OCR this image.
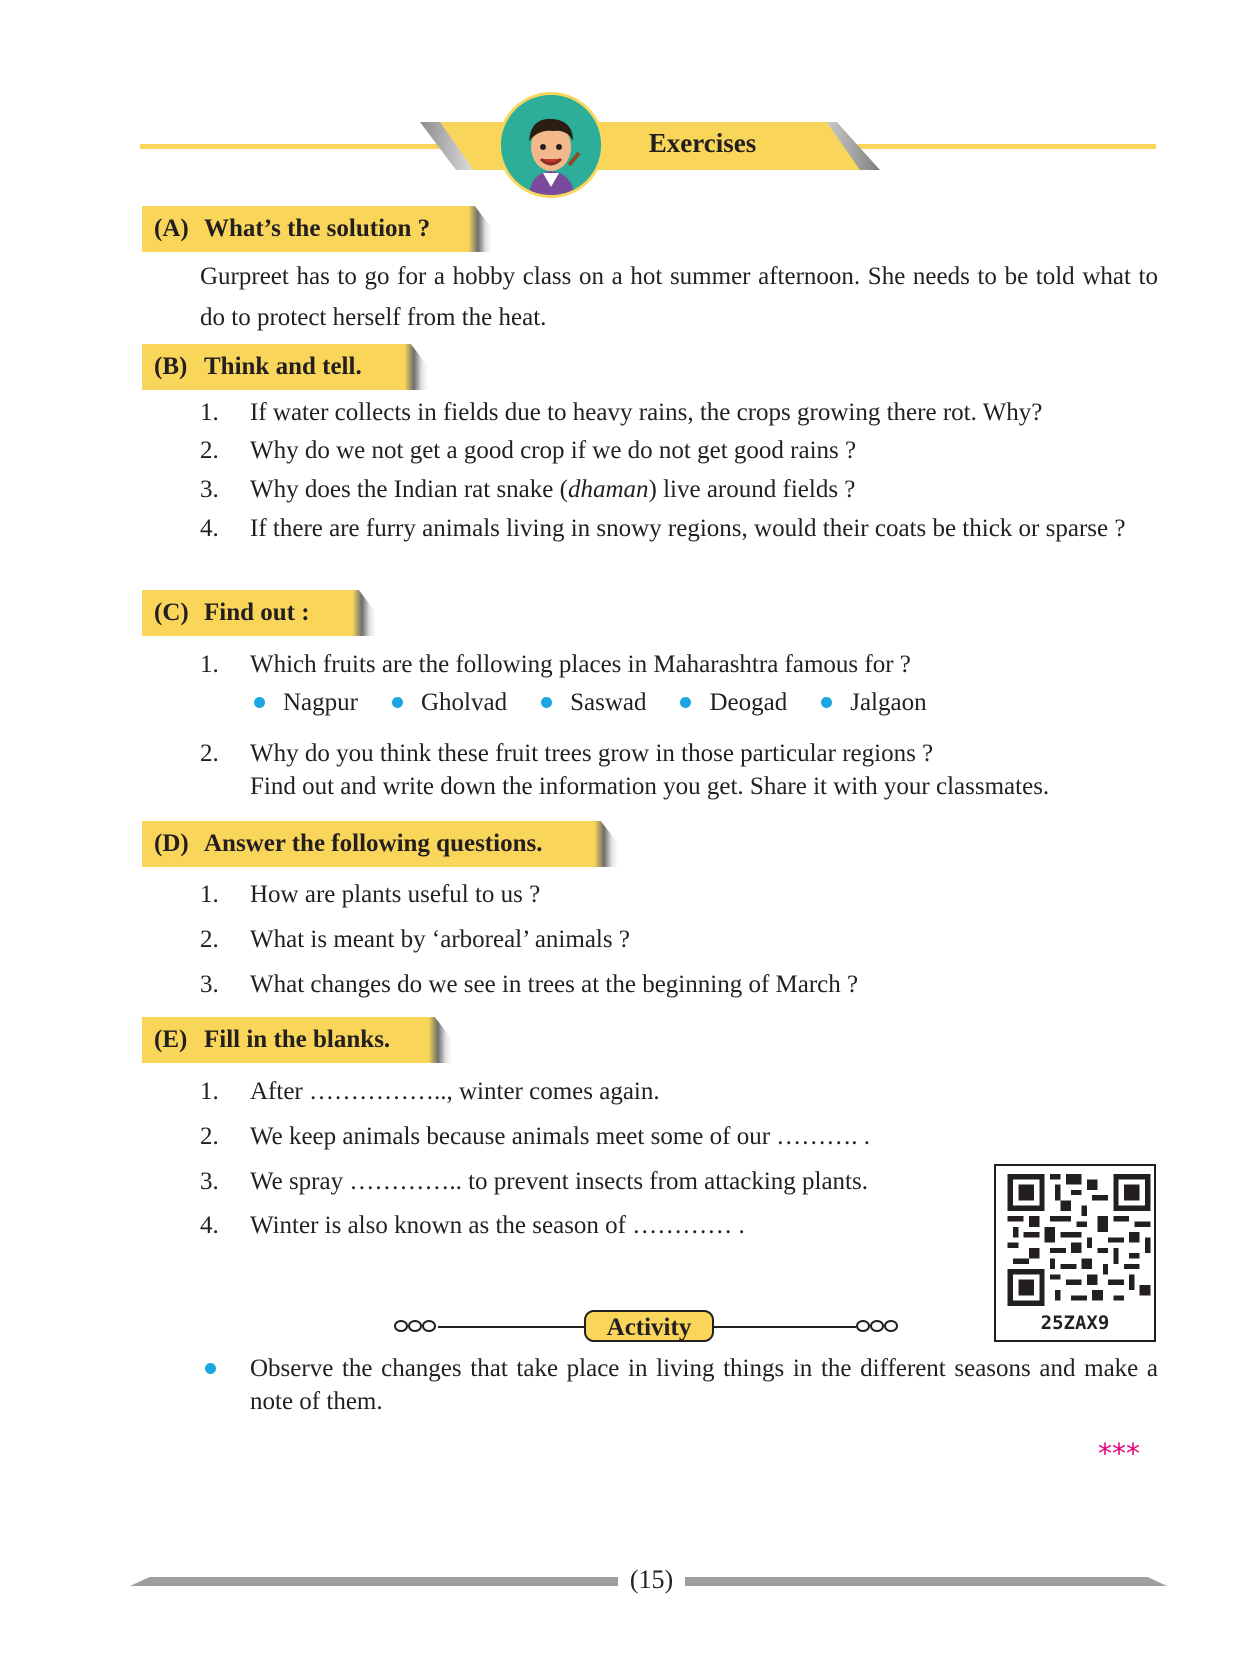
Exercises
(A) What’s the solution ?
Gurpreet has to go for a hobby class on a hot summer afternoon. She needs to be told what to do to protect herself from the heat.
(B) Think and tell.
1.	If water collects in fields due to heavy rains, the crops growing there rot. Why?
2.	Why do we not get a good crop if we do not get good rains ?
3.	Why does the Indian rat snake (dhaman) live around fields ?
4.	If there are furry animals living in snowy regions, would their coats be thick or sparse ?
(C) Find out :
1.	Which fruits are the following places in Maharashtra famous for ?
Nagpur	Gholvad	Saswad	Deogad	Jalgaon
2.	Why do you think these fruit trees grow in those particular regions ?
Find out and write down the information you get. Share it with your classmates.
(D) Answer the following questions.
1.	How are plants useful to us ?
2.	What is meant by ‘arboreal’ animals ?
3.	What changes do we see in trees at the beginning of March ?
(E) Fill in the blanks.
1.	After …………….., winter comes again.
2.	We keep animals because animals meet some of our ………. .
3.	We spray ………….. to prevent insects from attacking plants.
4.	Winter is also known as the season of ………… .
25ZAX9
Activity
Observe the changes that take place in living things in the different seasons and make a note of them.
***
(15)
